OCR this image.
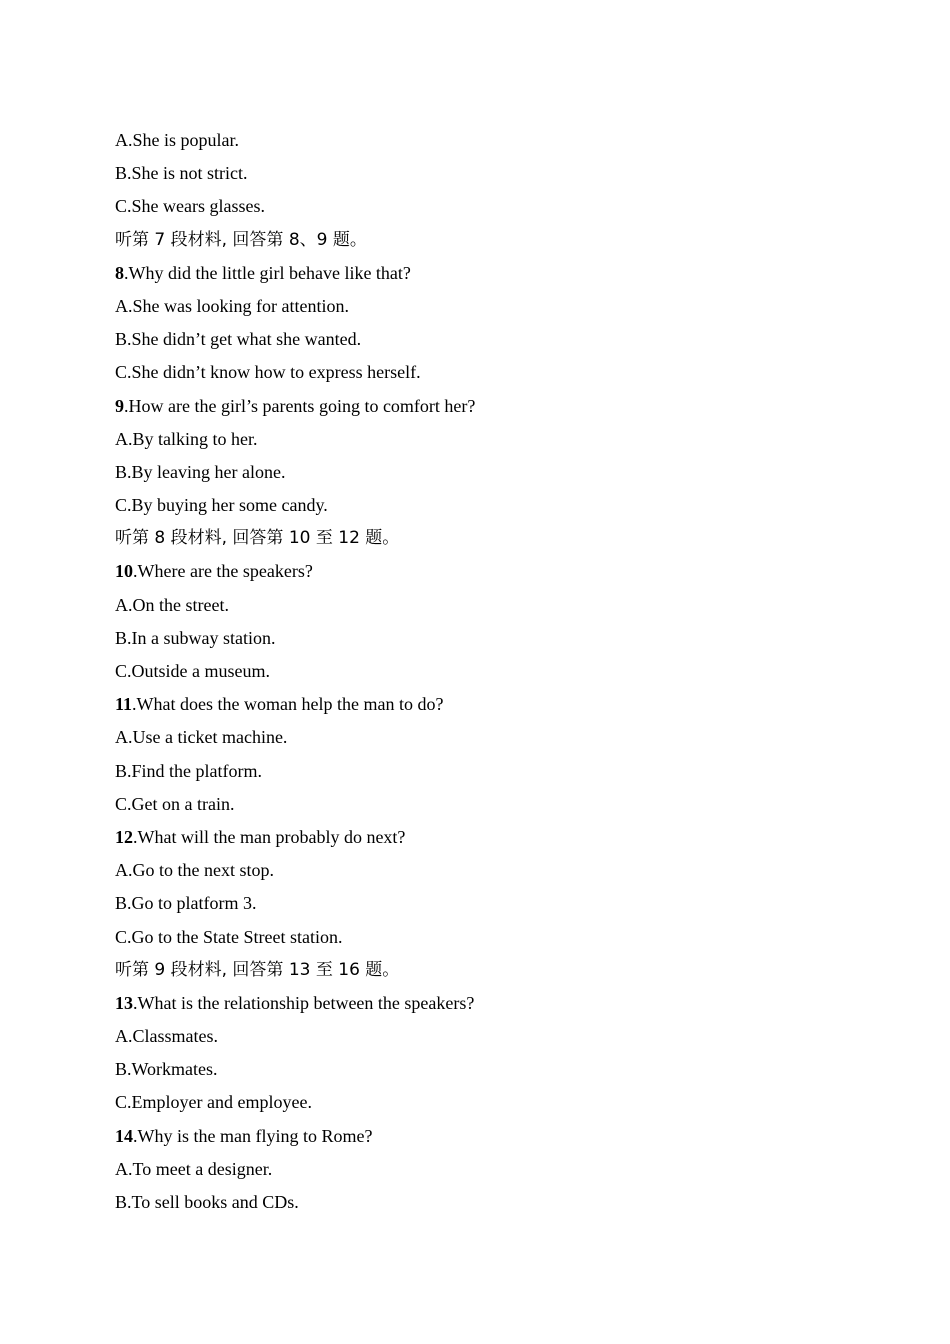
A.She is popular.
B.She is not strict.
C.She wears glasses.
听第 7 段材料, 回答第 8、9 题。
8.Why did the little girl behave like that?
A.She was looking for attention.
B.She didn’t get what she wanted.
C.She didn’t know how to express herself.
9.How are the girl’s parents going to comfort her?
A.By talking to her.
B.By leaving her alone.
C.By buying her some candy.
听第 8 段材料, 回答第 10 至 12 题。
10.Where are the speakers?
A.On the street.
B.In a subway station.
C.Outside a museum.
11.What does the woman help the man to do?
A.Use a ticket machine.
B.Find the platform.
C.Get on a train.
12.What will the man probably do next?
A.Go to the next stop.
B.Go to platform 3.
C.Go to the State Street station.
听第 9 段材料, 回答第 13 至 16 题。
13.What is the relationship between the speakers?
A.Classmates.
B.Workmates.
C.Employer and employee.
14.Why is the man flying to Rome?
A.To meet a designer.
B.To sell books and CDs.
